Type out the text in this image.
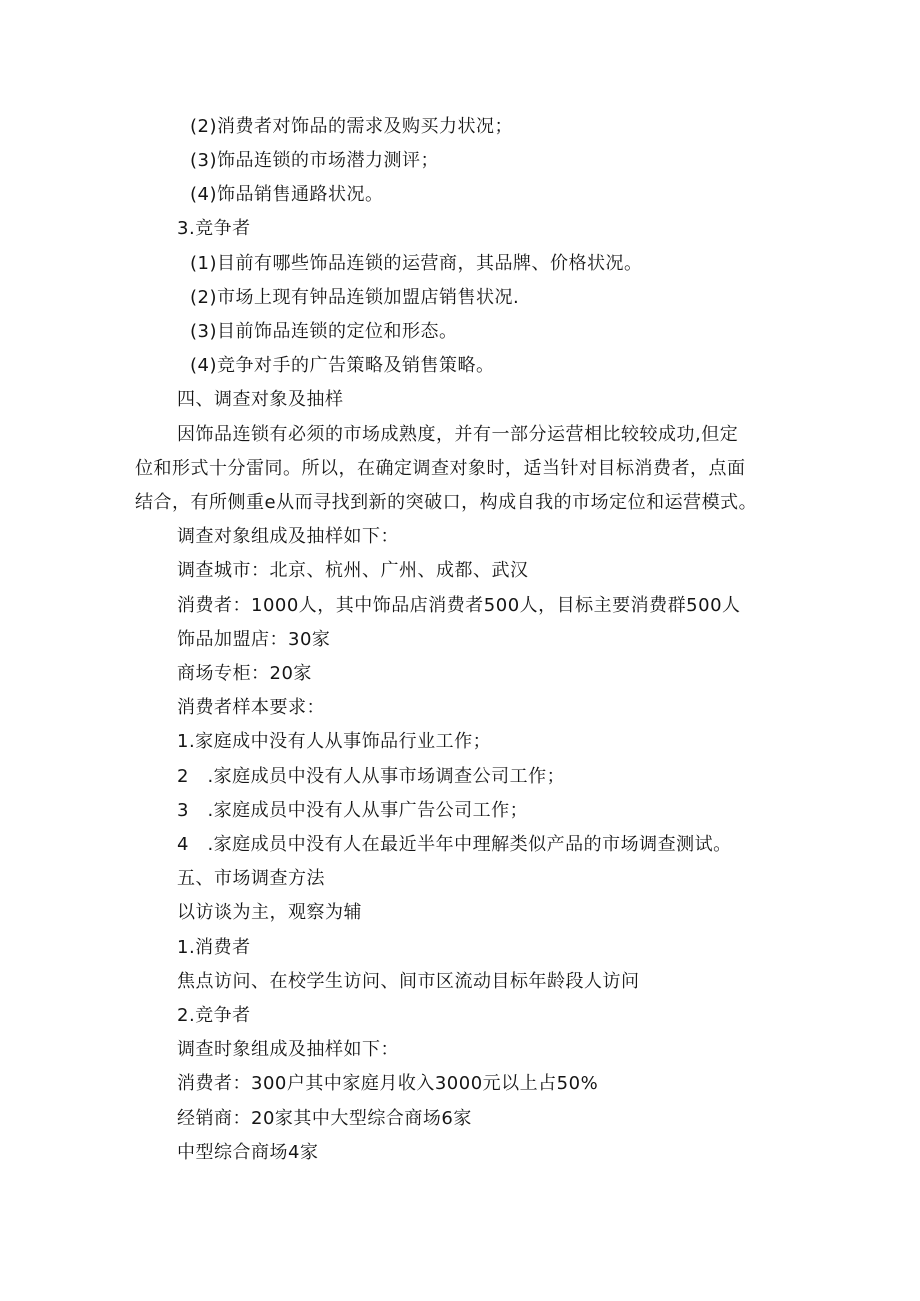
(2)消费者对饰品的需求及购买力状况；
(3)饰品连锁的市场潜力测评；
(4)饰品销售通路状况。
3.竞争者
(1)目前有哪些饰品连锁的运营商，其品牌、价格状况。
(2)市场上现有钟品连锁加盟店销售状况.
(3)目前饰品连锁的定位和形态。
(4)竞争对手的广告策略及销售策略。
四、调查对象及抽样
因饰品连锁有必须的市场成熟度，并有一部分运营相比较较成功,但定
位和形式十分雷同。所以，在确定调查对象时，适当针对目标消费者，点面
结合，有所侧重e从而寻找到新的突破口，构成自我的市场定位和运营模式。
调查对象组成及抽样如下：
调查城市：北京、杭州、广州、成都、武汉
消费者：1000人，其中饰品店消费者500人，目标主要消费群500人
饰品加盟店：30家
商场专柜：20家
消费者样本要求：
1.家庭成中没有人从事饰品行业工作；
2　.家庭成员中没有人从事市场调查公司工作；
3　.家庭成员中没有人从事广告公司工作；
4　.家庭成员中没有人在最近半年中理解类似产品的市场调查测试。
五、市场调查方法
以访谈为主，观察为辅
1.消费者
焦点访问、在校学生访问、间市区流动目标年龄段人访问
2.竞争者
调查时象组成及抽样如下：
消费者：300户其中家庭月收入3000元以上占50%
经销商：20家其中大型综合商场6家
中型综合商场4家
